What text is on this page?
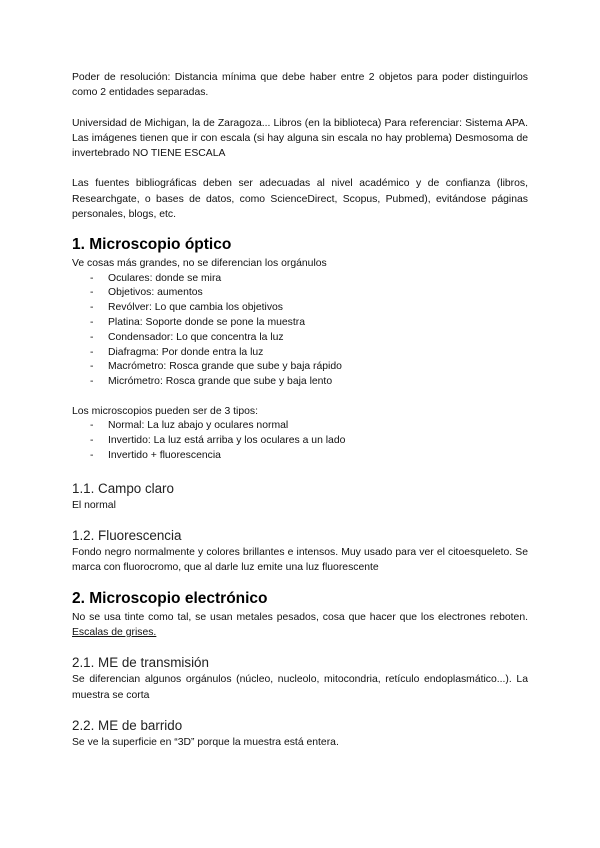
Poder de resolución: Distancia mínima que debe haber entre 2 objetos para poder distinguirlos como 2 entidades separadas.

Universidad de Michigan, la de Zaragoza... Libros (en la biblioteca) Para referenciar: Sistema APA. Las imágenes tienen que ir con escala (si hay alguna sin escala no hay problema) Desmosoma de invertebrado NO TIENE ESCALA

Las fuentes bibliográficas deben ser adecuadas al nivel académico y de confianza (libros, Researchgate, o bases de datos, como ScienceDirect, Scopus, Pubmed), evitándose páginas personales, blogs, etc.

1. Microscopio óptico

Ve cosas más grandes, no se diferencian los orgánulos

- Oculares: donde se mira
- Objetivos: aumentos
- Revólver: Lo que cambia los objetivos
- Platina: Soporte donde se pone la muestra
- Condensador: Lo que concentra la luz
- Diafragma: Por donde entra la luz
- Macrómetro: Rosca grande que sube y baja rápido
- Micrómetro: Rosca grande que sube y baja lento

Los microscopios pueden ser de 3 tipos:

- Normal: La luz abajo y oculares normal
- Invertido: La luz está arriba y los oculares a un lado
- Invertido + fluorescencia
1.1. Campo claro

El normal

1.2. Fluorescencia

Fondo negro normalmente y colores brillantes e intensos. Muy usado para ver el citoesqueleto. Se marca con fluorocromo, que al darle luz emite una luz fluorescente

2. Microscopio electrónico

No se usa tinte como tal, se usan metales pesados, cosa que hacer que los electrones reboten. Escalas de grises.

2.1. ME de transmisión

Se diferencian algunos orgánulos (núcleo, nucleolo, mitocondria, retículo endoplasmático...). La muestra se corta

2.2. ME de barrido

Se ve la superficie en “3D” porque la muestra está entera.
